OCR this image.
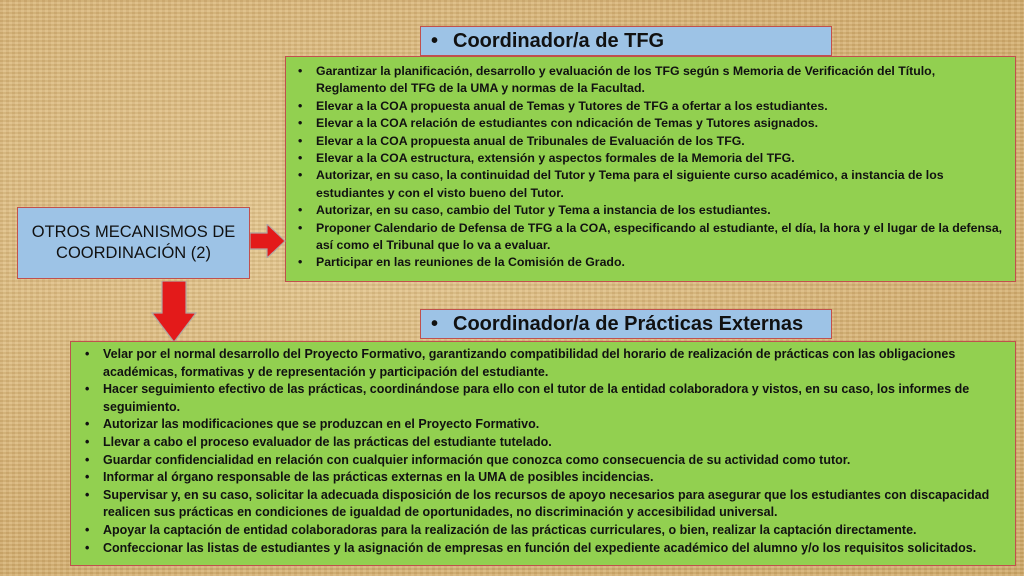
• Coordinador/a de TFG
• Garantizar la planificación, desarrollo y evaluación de los TFG según s Memoria de Verificación del Título, Reglamento del TFG de la UMA y normas de la Facultad.
• Elevar a la COA propuesta anual de Temas y Tutores de TFG a ofertar a los estudiantes.
• Elevar a la COA relación de estudiantes con ndicación de Temas y Tutores asignados.
• Elevar a la COA propuesta anual de Tribunales de Evaluación de los TFG.
• Elevar a la COA estructura, extensión y aspectos formales de la Memoria del TFG.
• Autorizar, en su caso, la continuidad del Tutor y Tema para el siguiente curso académico, a instancia de los estudiantes y con el visto bueno del Tutor.
• Autorizar, en su caso, cambio del Tutor y Tema a instancia de los estudiantes.
• Proponer Calendario de Defensa de TFG a la COA, especificando al estudiante, el día, la hora y el lugar de la defensa, así como el Tribunal que lo va a evaluar.
• Participar en las reuniones de la Comisión de Grado.
OTROS MECANISMOS DE
COORDINACIÓN (2)
• Coordinador/a de Prácticas Externas
• Velar por el normal desarrollo del Proyecto Formativo, garantizando compatibilidad del horario de realización de prácticas con las obligaciones académicas, formativas y de representación y participación del estudiante.
• Hacer seguimiento efectivo de las prácticas, coordinándose para ello con el tutor de la entidad colaboradora y vistos, en su caso, los informes de seguimiento.
• Autorizar las modificaciones que se produzcan en el Proyecto Formativo.
• Llevar a cabo el proceso evaluador de las prácticas del estudiante tutelado.
• Guardar confidencialidad en relación con cualquier información que conozca como consecuencia de su actividad como tutor.
• Informar al órgano responsable de las prácticas externas en la UMA de posibles incidencias.
• Supervisar y, en su caso, solicitar la adecuada disposición de los recursos de apoyo necesarios para asegurar que los estudiantes con discapacidad realicen sus prácticas en condiciones de igualdad de oportunidades, no discriminación y accesibilidad universal.
• Apoyar la captación de entidad colaboradoras para la realización de las prácticas curriculares, o bien, realizar la captación directamente.
• Confeccionar las listas de estudiantes y la asignación de empresas en función del expediente académico del alumno y/o los requisitos solicitados.
